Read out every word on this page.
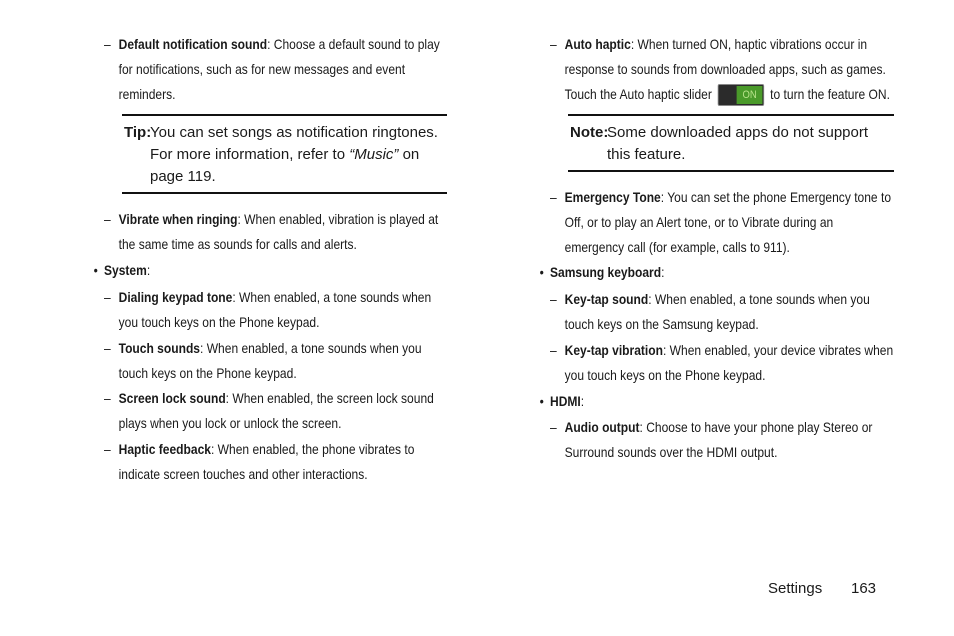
– Default notification sound: Choose a default sound to play for notifications, such as for new messages and event reminders.
Tip:
You can set songs as notification ringtones. For more information, refer to “Music” on page 119.
– Vibrate when ringing: When enabled, vibration is played at the same time as sounds for calls and alerts.
• System:
– Dialing keypad tone: When enabled, a tone sounds when you touch keys on the Phone keypad.
– Touch sounds: When enabled, a tone sounds when you touch keys on the Phone keypad.
– Screen lock sound: When enabled, the screen lock sound plays when you lock or unlock the screen.
– Haptic feedback: When enabled, the phone vibrates to indicate screen touches and other interactions.
– Auto haptic: When turned ON, haptic vibrations occur in response to sounds from downloaded apps, such as games. Touch the Auto haptic slider	ON to turn the feature ON.
Note:
Some downloaded apps do not support this feature.
– Emergency Tone: You can set the phone Emergency tone to Off, or to play an Alert tone, or to Vibrate during an emergency call (for example, calls to 911).
• Samsung keyboard:
– Key-tap sound: When enabled, a tone sounds when you touch keys on the Samsung keypad.
– Key-tap vibration: When enabled, your device vibrates when you touch keys on the Phone keypad.
• HDMI:
– Audio output: Choose to have your phone play Stereo or Surround sounds over the HDMI output.
Settings 163
